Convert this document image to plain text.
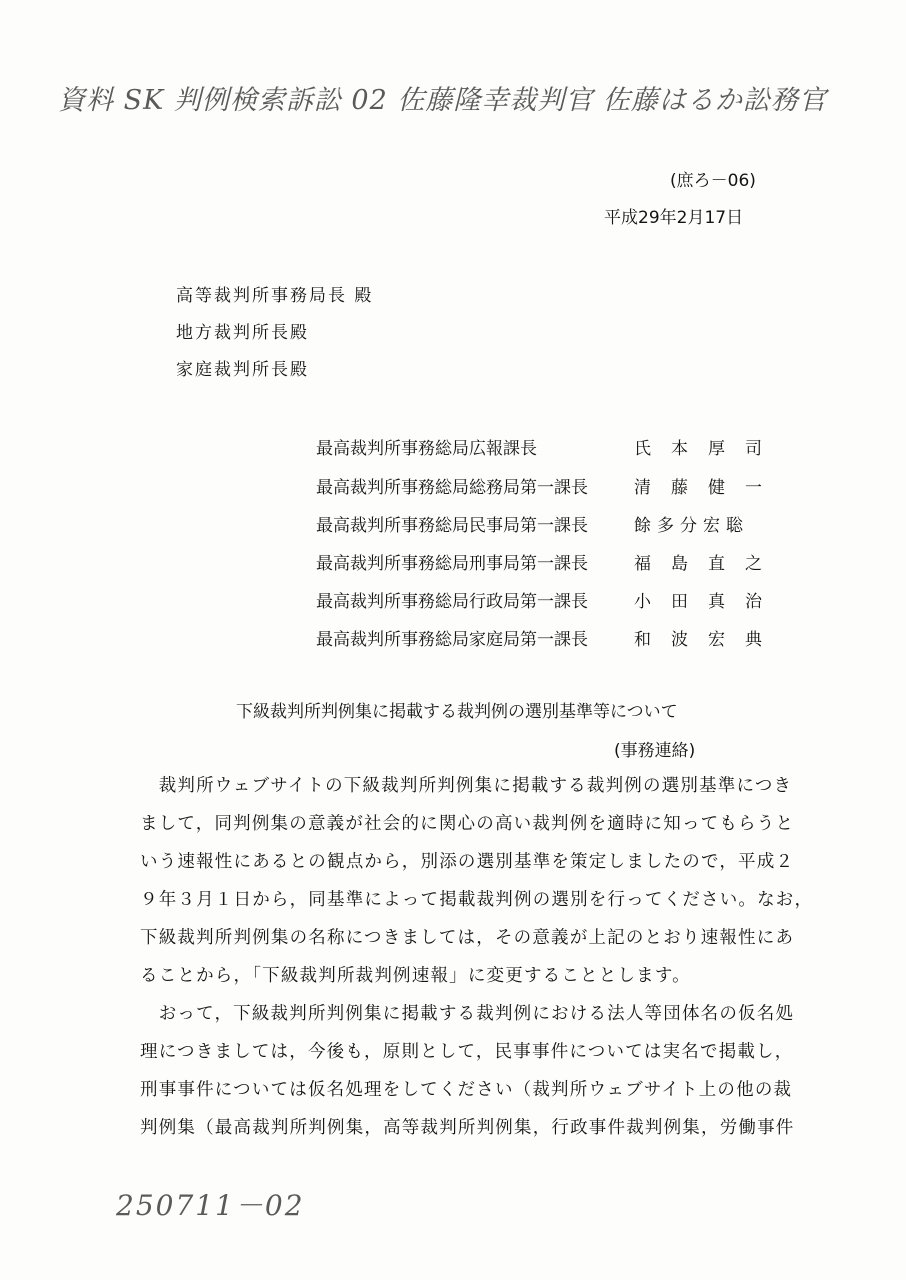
資料 SK 判例検索訴訟 02 佐藤隆幸裁判官 佐藤はるか訟務官
(庶ろ－06)
平成29年2月17日
高等裁判所事務局長 殿
地方裁判所長殿
家庭裁判所長殿
最高裁判所事務総局広報課長	氏本厚司
最高裁判所事務総局総務局第一課長	清藤健一
最高裁判所事務総局民事局第一課長	餘多分宏聡
最高裁判所事務総局刑事局第一課長	福島直之
最高裁判所事務総局行政局第一課長	小田真治
最高裁判所事務総局家庭局第一課長	和波宏典
下級裁判所判例集に掲載する裁判例の選別基準等について
(事務連絡)
　裁判所ウェブサイトの下級裁判所判例集に掲載する裁判例の選別基準につき
まして，同判例集の意義が社会的に関心の高い裁判例を適時に知ってもらうと
いう速報性にあるとの観点から，別添の選別基準を策定しましたので，平成２
９年３月１日から，同基準によって掲載裁判例の選別を行ってください。なお，
下級裁判所判例集の名称につきましては，その意義が上記のとおり速報性にあ
ることから，「下級裁判所裁判例速報」に変更することとします。
　おって，下級裁判所判例集に掲載する裁判例における法人等団体名の仮名処
理につきましては，今後も，原則として，民事事件については実名で掲載し，
刑事事件については仮名処理をしてください（裁判所ウェブサイト上の他の裁
判例集（最高裁判所判例集，高等裁判所判例集，行政事件裁判例集，労働事件
250711－02
